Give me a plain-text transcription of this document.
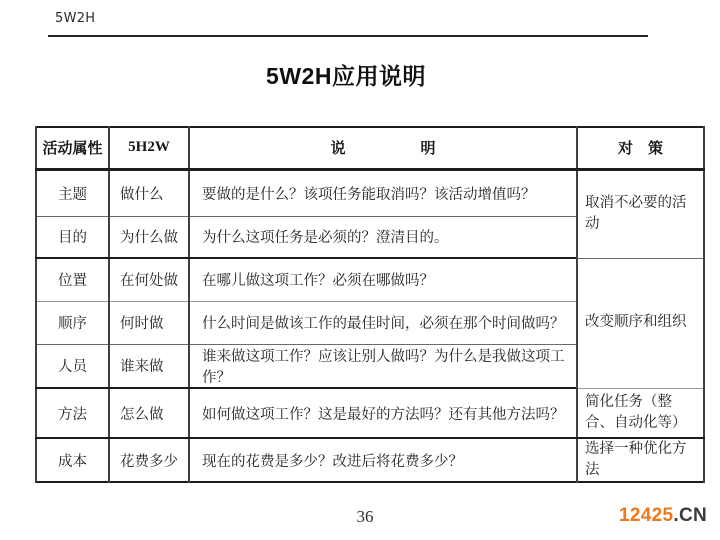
5W2H
5W2H应用说明
活动属性	5H2W	说　　　　　明	对　策
主题	做什么	要做的是什么？该项任务能取消吗？该活动增值吗？	取消不必要的活动
目的	为什么做	为什么这项任务是必须的？澄清目的。	
位置	在何处做	在哪儿做这项工作？必须在哪做吗？	改变顺序和组织
顺序	何时做	什么时间是做该工作的最佳时间，必须在那个时间做吗？	
人员	谁来做	谁来做这项工作？应该让别人做吗？为什么是我做这项工作？	
方法	怎么做	如何做这项工作？这是最好的方法吗？还有其他方法吗？	简化任务（整合、自动化等）
成本	花费多少	现在的花费是多少？改进后将花费多少？	选择一种优化方法
36	12425.CN
